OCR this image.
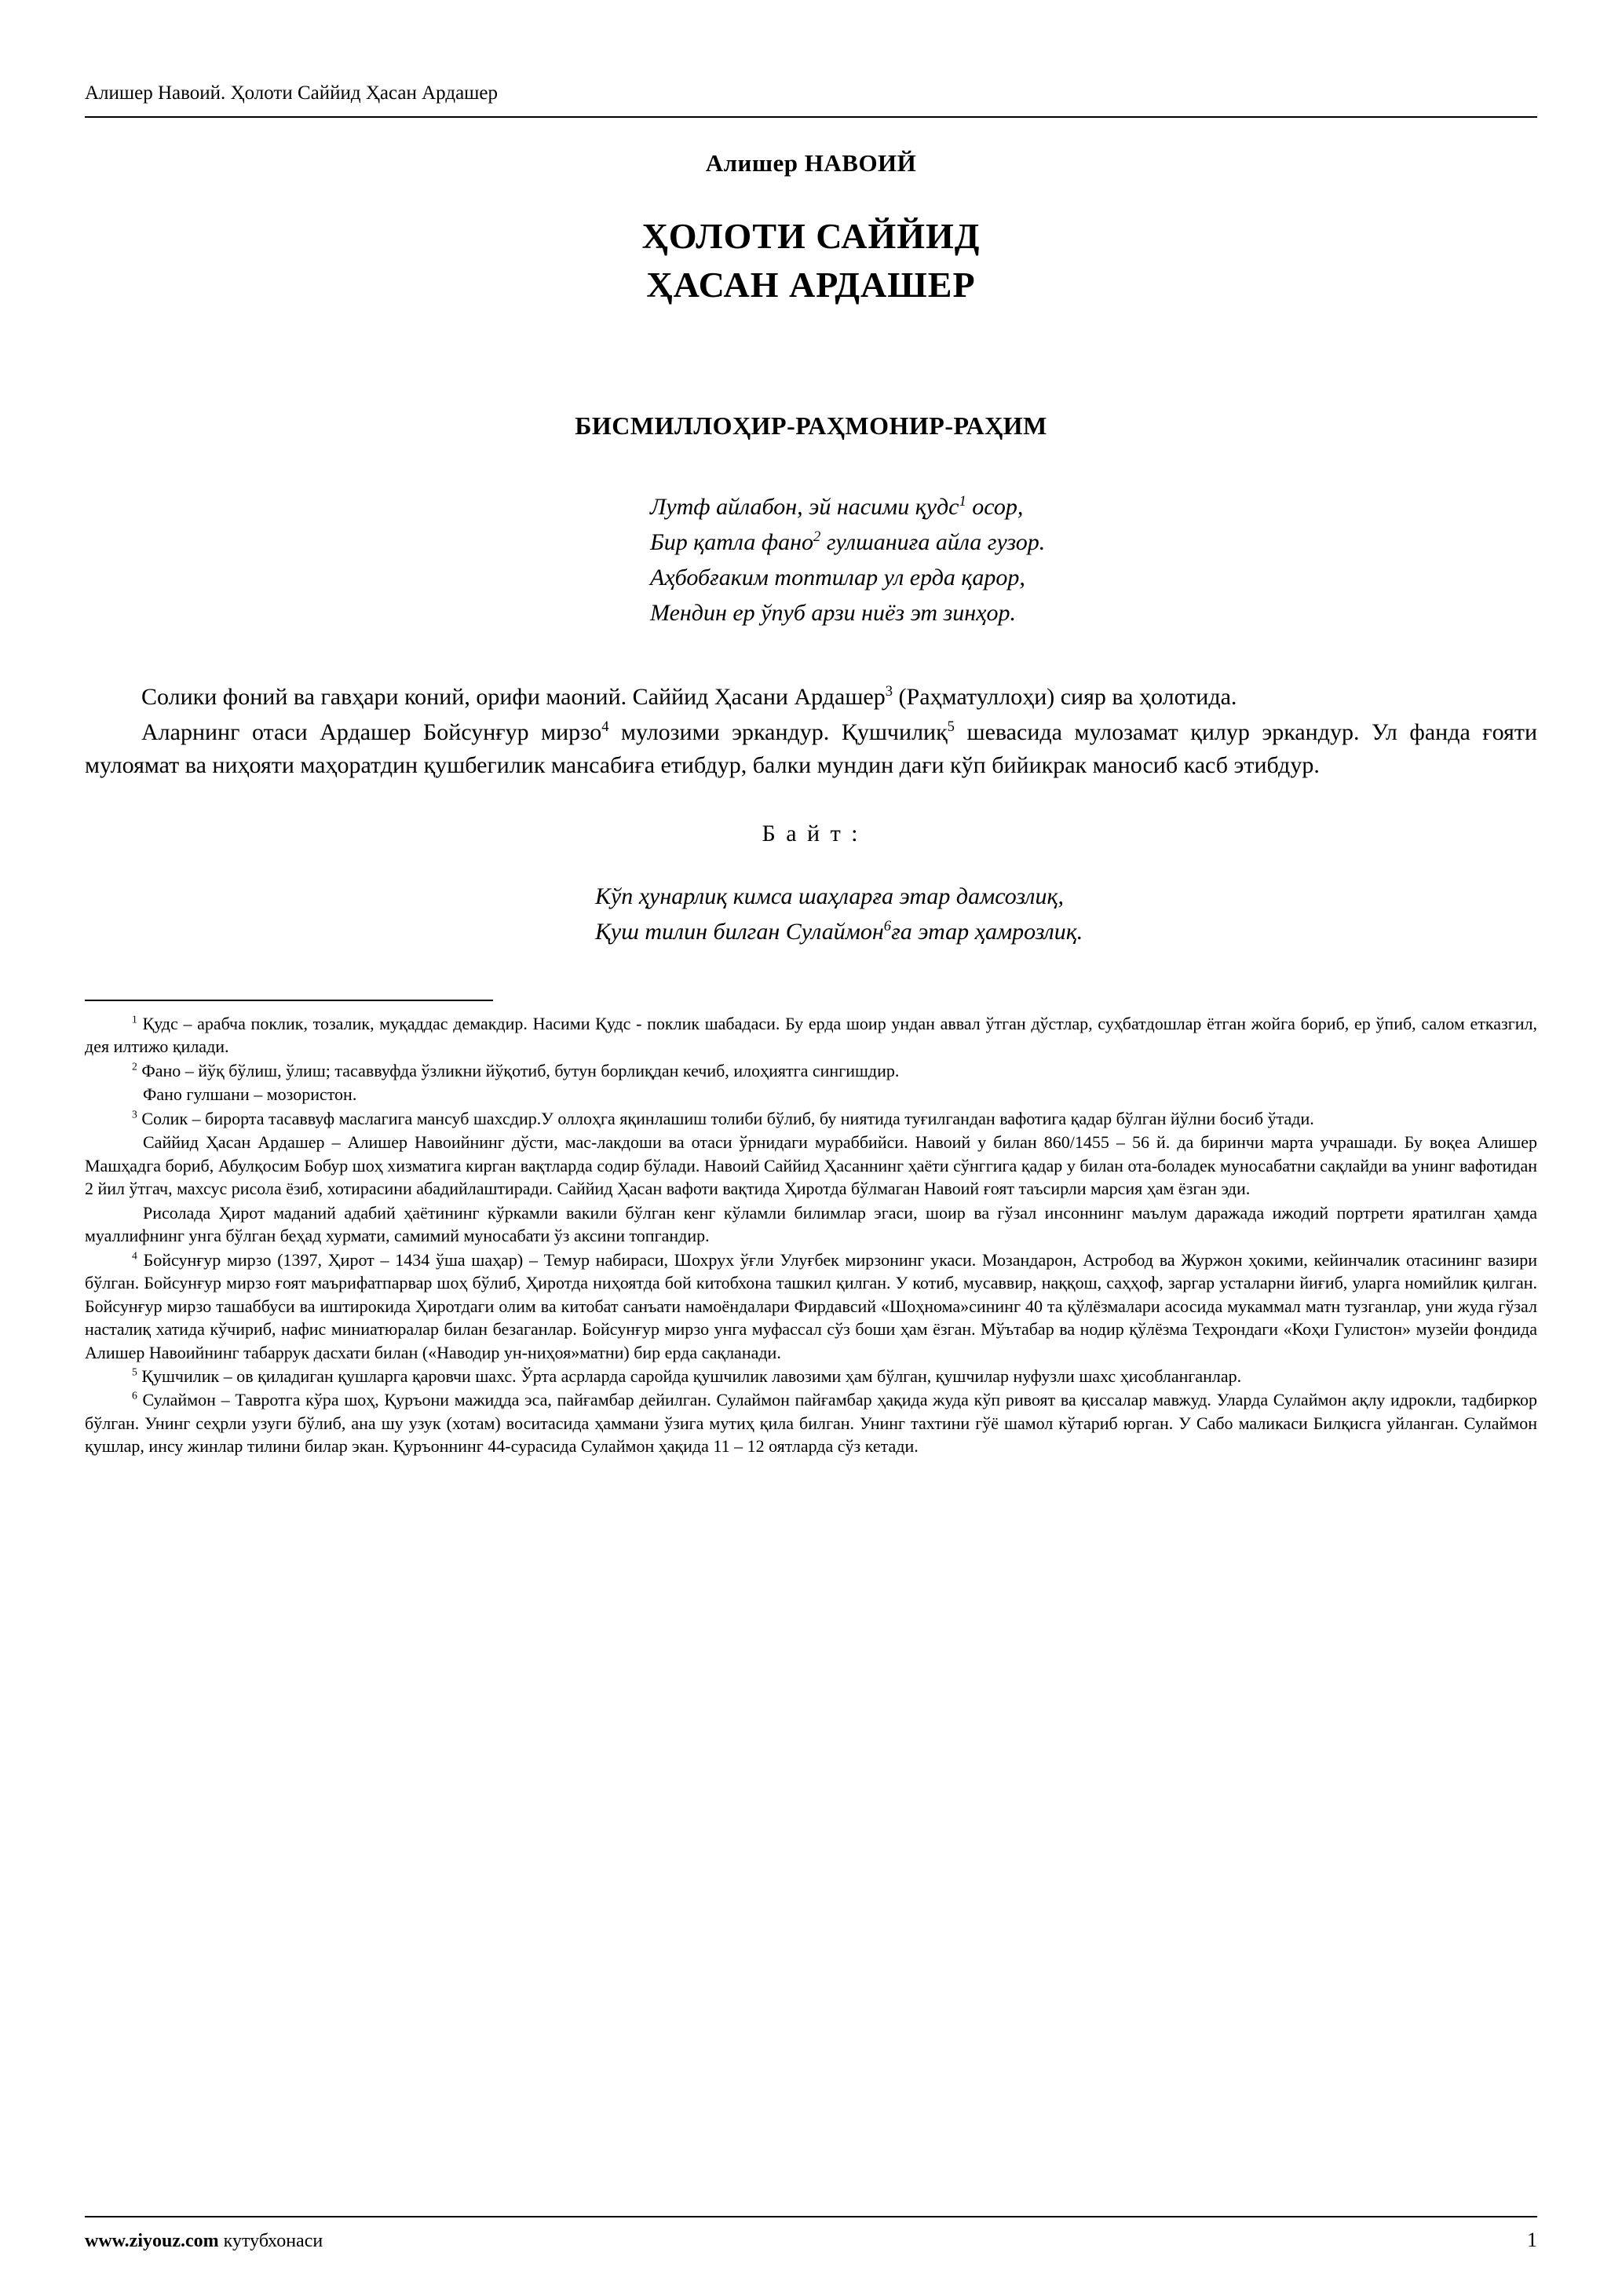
Алишер Навоий. Ҳолоти Саййид Ҳасан Ардашер
Алишер НАВОИЙ
ҲОЛОТИ САЙЙИД
ҲАСАН АРДАШЕР
БИСМИЛЛОҲИР-РАҲМОНИР-РАҲИМ
Лутф айлабон, эй насими қудс$^1$ осор,
Бир қатла фано$^2$ гулшаниға айла гузор.
Аҳбобғаким топтилар ул ерда қарор,
Мендин ер ўпуб арзи ниёз эт зинҳор.

Солики фоний ва гавҳари коний, орифи маоний. Саййид Ҳасани Ардашер$^3$ (Раҳматуллоҳи) сияр ва ҳолотида.

Аларнинг отаси Ардашер Бойсунғур мирзо$^4$ мулозими эркандур. Қушчилиқ$^5$ шевасида мулозамат қилур эркандур. Ул фанда ғояти мулоямат ва ниҳояти маҳоратдин қушбегилик мансабиға етибдур, балки мундин дағи кўп бийикрак маносиб касб этибдур.

Б а й т :
Кўп ҳунарлиқ кимса шаҳларға этар дамсозлиқ,
Қуш тилин билган Сулаймон$^6$ға этар ҳамрозлиқ.

$^1$ Қудс – арабча поклик, тозалик, муқаддас демакдир. Насими Қудс - поклик шабадаси. Бу ерда шоир ундан аввал ўтган дўстлар, суҳбатдошлар ётган жойга бориб, ер ўпиб, салом етказгил, дея илтижо қилади.

$^2$ Фано – йўқ бўлиш, ўлиш; тасаввуфда ўзликни йўқотиб, бутун борлиқдан кечиб, илоҳиятга сингишдир.

Фано гулшани – мозористон.

$^3$ Солик – бирорта тасаввуф маслагига мансуб шахсдир.У оллоҳга яқинлашиш толиби бўлиб, бу ниятида туғилгандан вафотига қадар бўлган йўлни босиб ўтади.

Саййид Ҳасан Ардашер – Алишер Навоийнинг дўсти, мас-лакдоши ва отаси ўрнидаги мураббийси. Навоий у билан 860/1455 – 56 й. да биринчи марта учрашади. Бу воқеа Алишер Машҳадга бориб, Абулқосим Бобур шоҳ хизматига кирган вақтларда содир бўлади. Навоий Саййид Ҳасаннинг ҳаёти сўнггига қадар у билан ота-боладек муносабатни сақлайди ва унинг вафотидан 2 йил ўтгач, махсус рисола ёзиб, хотирасини абадийлаштиради. Саййид Ҳасан вафоти вақтида Ҳиротда бўлмаган Навоий ғоят таъсирли марсия ҳам ёзган эди.

Рисолада Ҳирот маданий адабий ҳаётининг кўркамли вакили бўлган кенг кўламли билимлар эгаси, шоир ва гўзал инсоннинг маълум даражада ижодий портрети яратилган ҳамда муаллифнинг унга бўлган беҳад хурмати, самимий муносабати ўз аксини топгандир.

$^4$ Бойсунғур мирзо (1397, Ҳирот – 1434 ўша шаҳар) – Темур набираси, Шохрух ўғли Улуғбек мирзонинг укаси. Мозандарон, Астробод ва Журжон ҳокими, кейинчалик отасининг вазири бўлган. Бойсунғур мирзо ғоят маърифатпарвар шоҳ бўлиб, Ҳиротда ниҳоятда бой китобхона ташкил қилган. У котиб, мусаввир, наққош, саҳҳоф, заргар усталарни йиғиб, уларга номийлик қилган. Бойсунғур мирзо ташаббуси ва иштирокида Ҳиротдаги олим ва китобат санъати намоёндалари Фирдавсий «Шоҳнома»сининг 40 та қўлёзмалари асосида мукаммал матн тузганлар, уни жуда гўзал настaлиқ хатида кўчириб, нафис миниатюралар билан безаганлар. Бойсунғур мирзо унга муфассал сўз боши ҳам ёзган. Мўътабар ва нодир қўлёзма Теҳрондаги «Коҳи Гулистон» музейи фондида Алишер Навоийнинг табаррук дасхати билан («Наводир ун-ниҳоя»матни) бир ерда сақланади.

$^5$ Қушчилик – ов қиладиган қушларга қаровчи шахс. Ўрта асрларда саройда қушчилик лавозими ҳам бўлган, қушчилар нуфузли шахс ҳисобланганлар.

$^6$ Сулаймон – Тавротга кўра шоҳ, Қуръони мажидда эса, пайғамбар дейилган. Сулаймон пайғамбар ҳақида жуда кўп ривоят ва қиссалар мавжуд. Уларда Сулаймон ақлу идрокли, тадбиркор бўлган. Унинг сеҳрли узуги бўлиб, ана шу узук (хотам) воситасида ҳаммани ўзига мутиҳ қила билган. Унинг тахтини гўё шамол кўтариб юрган. У Сабо маликаси Билқисга уйланган. Сулаймон қушлар, инсу жинлар тилини билар экан. Қуръоннинг 44-сурасида Сулаймон ҳақида 11 – 12 оятларда сўз кетади.

www.ziyouz.com кутубхонаси	1
